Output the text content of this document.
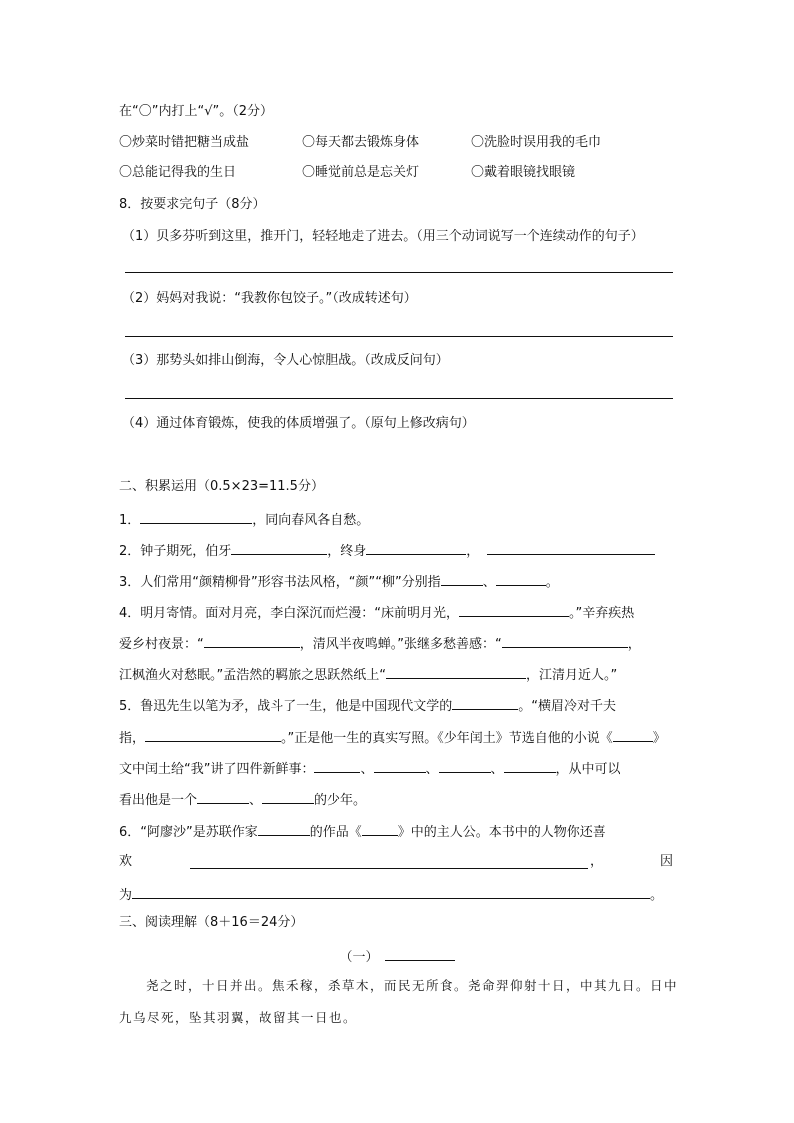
在“〇”内打上“√”。（2分）
〇炒菜时错把糖当成盐	〇每天都去锻炼身体	〇洗脸时误用我的毛巾
〇总能记得我的生日	〇睡觉前总是忘关灯	〇戴着眼镜找眼镜
8．按要求完句子（8分）
（1）贝多芬听到这里，推开门，轻轻地走了进去。（用三个动词说写一个连续动作的句子）
（2）妈妈对我说：“我教你包饺子。”（改成转述句）
（3）那势头如排山倒海，令人心惊胆战。（改成反问句）
（4）通过体育锻炼，使我的体质增强了。（原句上修改病句）
二、积累运用（0.5×23=11.5分）
1．	，同向春风各自愁。
2．钟子期死，伯牙	，终身	，
3．人们常用“颜精柳骨”形容书法风格，“颜”“柳”分别指	、	。
4．明月寄情。面对月亮，李白深沉而烂漫：“床前明月光，	。”辛弃疾热
爱乡村夜景：“	，清风半夜鸣蝉。”张继多愁善感：“	，
江枫渔火对愁眠。”孟浩然的羁旅之思跃然纸上“	，江清月近人。”
5．鲁迅先生以笔为矛，战斗了一生，他是中国现代文学的	。“横眉冷对千夫
指，	。”正是他一生的真实写照。《少年闰土》节选自他的小说《	》
文中闰土给“我”讲了四件新鲜事：	、	、	、	，从中可以
看出他是一个	、	的少年。
6．“阿廖沙”是苏联作家	的作品《	》中的主人公。本书中的人物你还喜
欢	，	因
为	。
三、阅读理解（8＋16＝24分）
（一）
尧之时，十日并出。焦禾稼，杀草木，而民无所食。尧命羿仰射十日，中其九日。日中
九乌尽死，坠其羽翼，故留其一日也。
